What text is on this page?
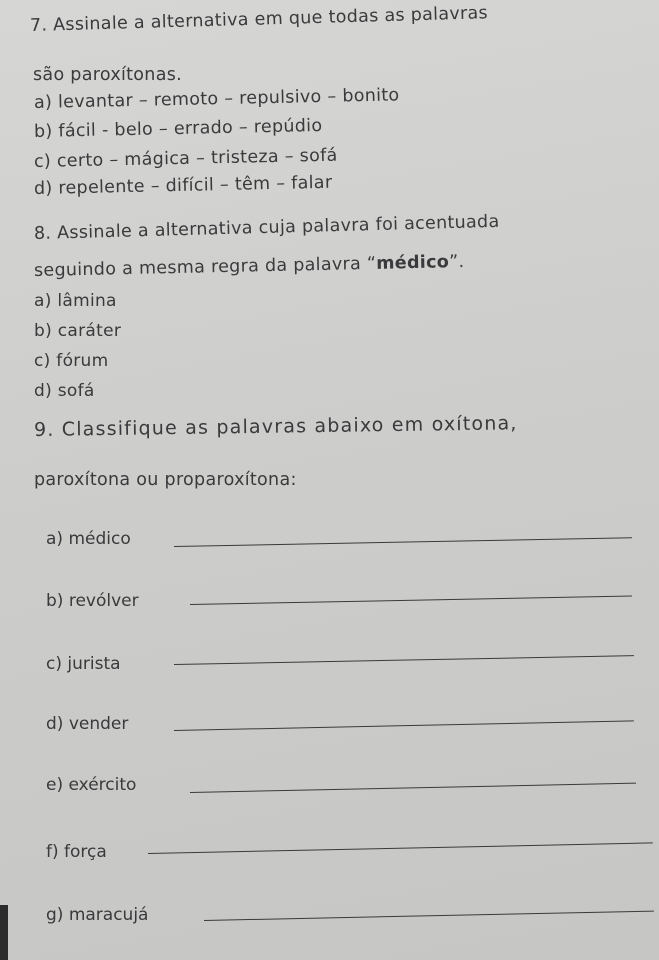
7. Assinale a alternativa em que todas as palavras
são paroxítonas.
a) levantar – remoto – repulsivo – bonito
b) fácil - belo – errado – repúdio
c) certo – mágica – tristeza – sofá
d) repelente – difícil – têm – falar
8. Assinale a alternativa cuja palavra foi acentuada
seguindo a mesma regra da palavra “médico”.
a) lâmina
b) caráter
c) fórum
d) sofá
9. Classifique as palavras abaixo em oxítona,
paroxítona ou proparoxítona:
a) médico
b) revólver
c) jurista
d) vender
e) exército
f) força
g) maracujá
